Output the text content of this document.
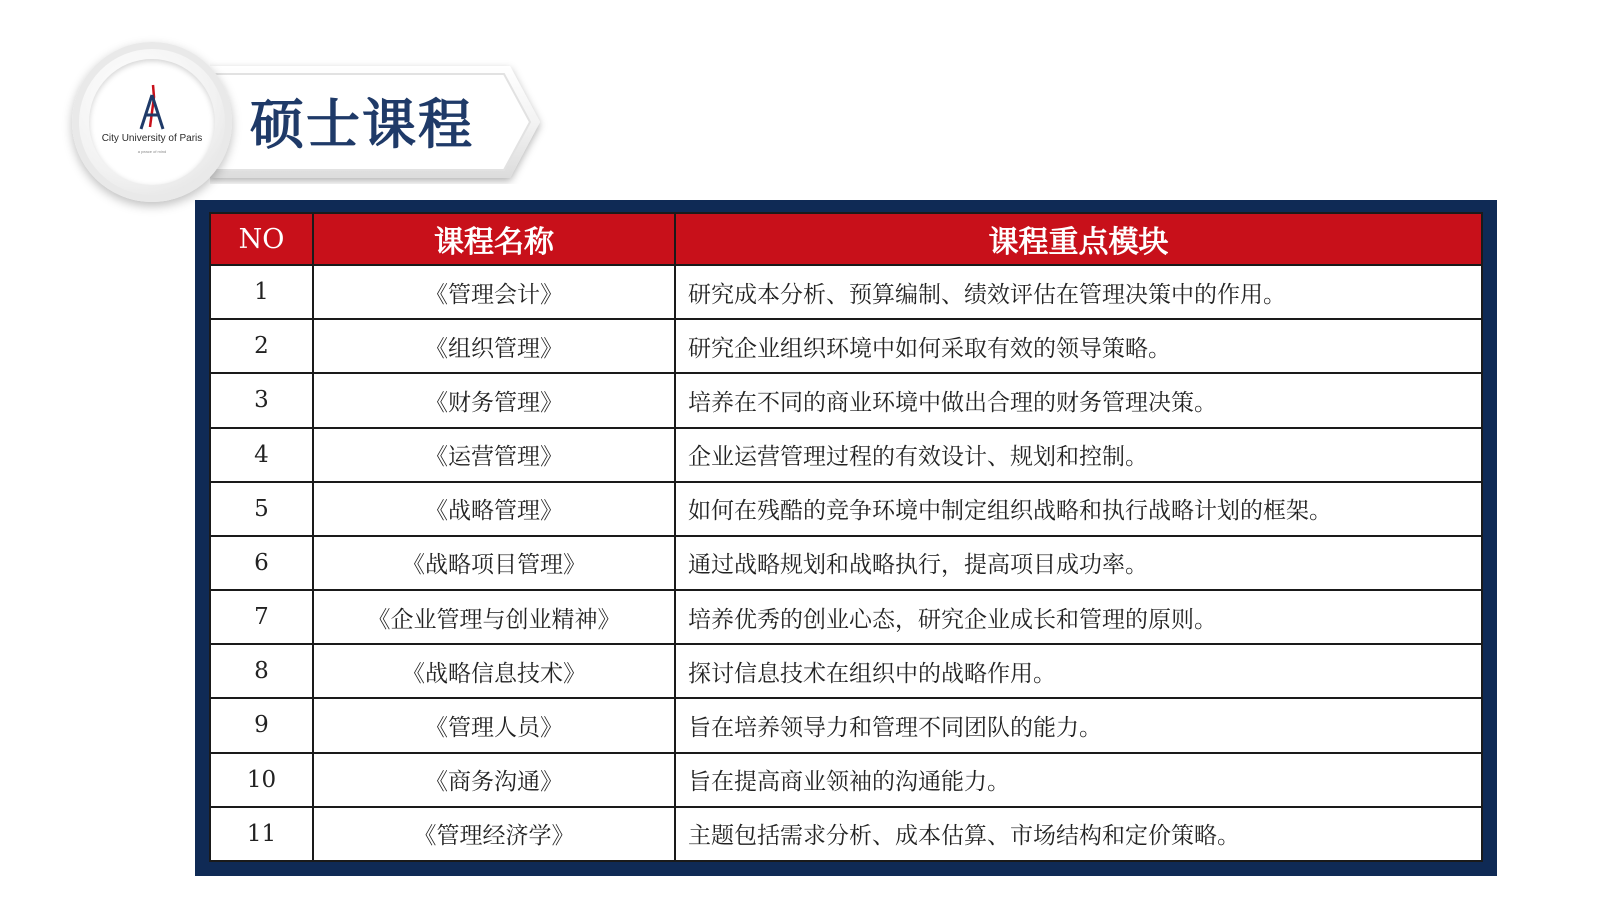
硕士课程
City University of Paris
a peace of mind
NO	课程名称	课程重点模块
1	《管理会计》	研究成本分析、预算编制、绩效评估在管理决策中的作用。
2	《组织管理》	研究企业组织环境中如何采取有效的领导策略。
3	《财务管理》	培养在不同的商业环境中做出合理的财务管理决策。
4	《运营管理》	企业运营管理过程的有效设计、规划和控制。
5	《战略管理》	如何在残酷的竞争环境中制定组织战略和执行战略计划的框架。
6	《战略项目管理》	通过战略规划和战略执行，提高项目成功率。
7	《企业管理与创业精神》	培养优秀的创业心态，研究企业成长和管理的原则。
8	《战略信息技术》	探讨信息技术在组织中的战略作用。
9	《管理人员》	旨在培养领导力和管理不同团队的能力。
10	《商务沟通》	旨在提高商业领袖的沟通能力。
11	《管理经济学》	主题包括需求分析、成本估算、市场结构和定价策略。
